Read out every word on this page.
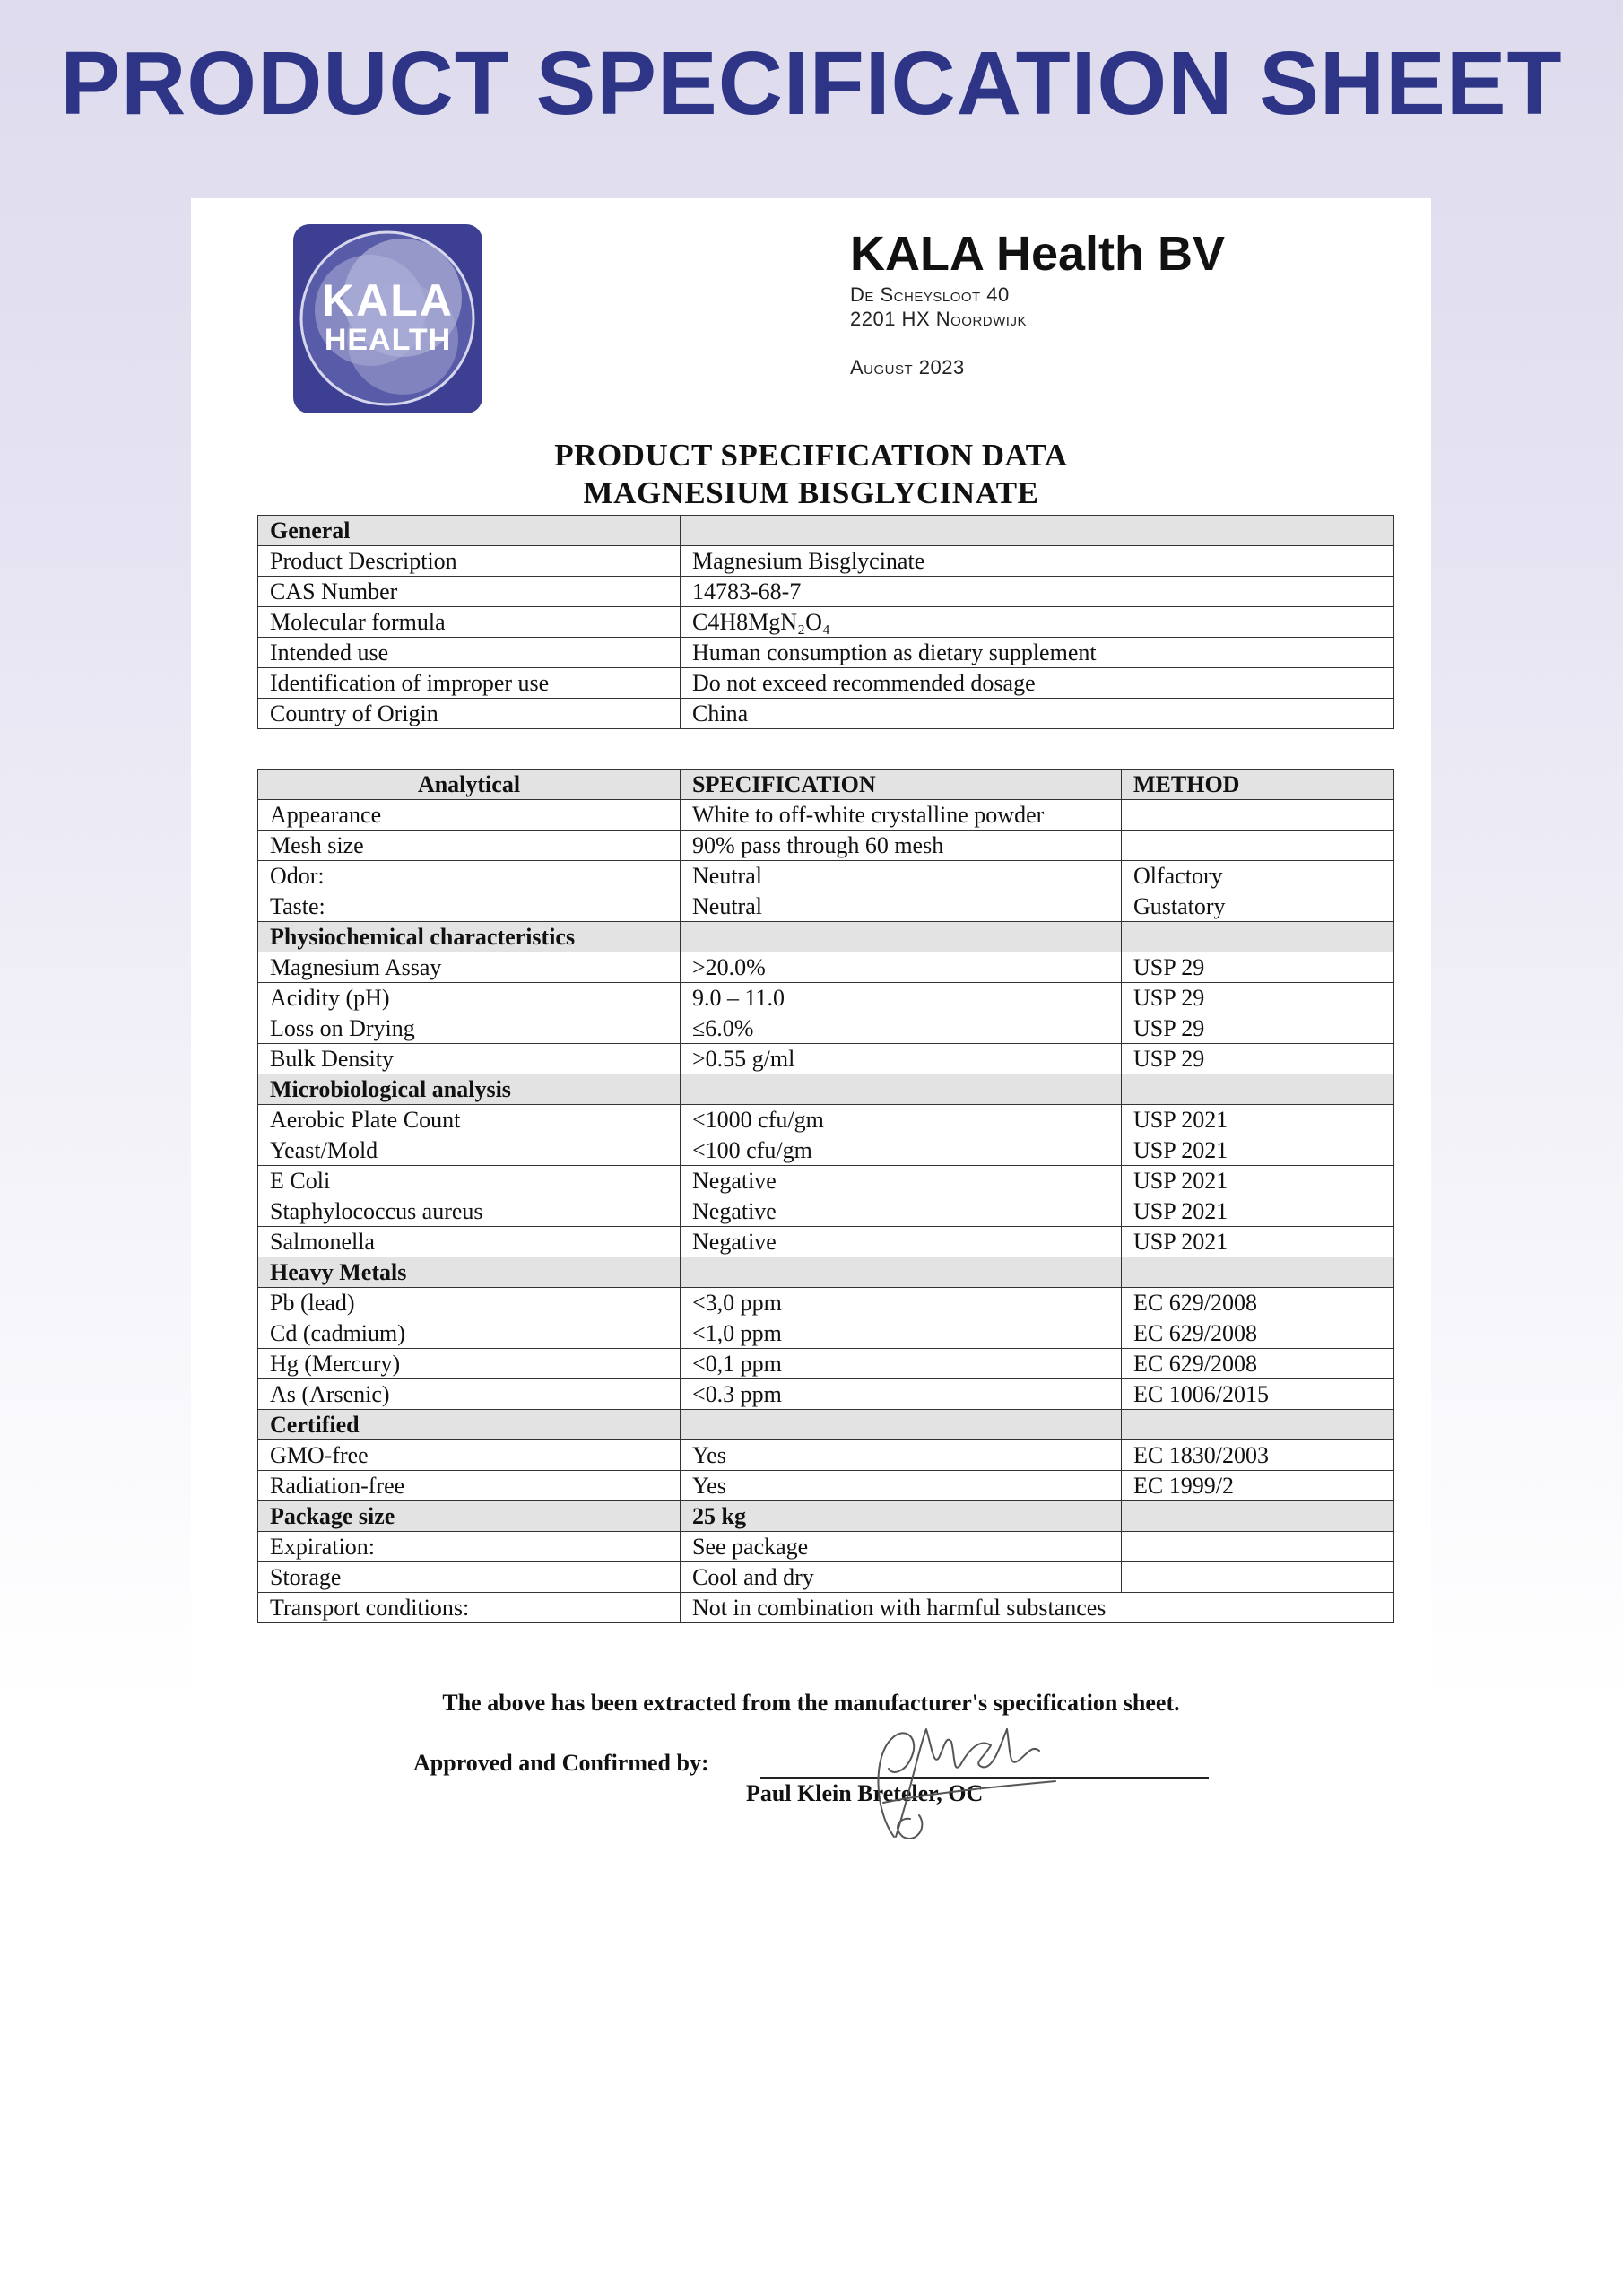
PRODUCT SPECIFICATION SHEET
KALA
HEALTH
KALA Health BV
De Scheysloot 40
2201 HX Noordwijk
August 2023
PRODUCT SPECIFICATION DATA
MAGNESIUM BISGLYCINATE
General	
Product Description	Magnesium Bisglycinate
CAS Number	14783-68-7
Molecular formula	C4H8MgN₂O₄
Intended use	Human consumption as dietary supplement
Identification of improper use	Do not exceed recommended dosage
Country of Origin	China
Analytical	SPECIFICATION	METHOD
Appearance	White to off-white crystalline powder	
Mesh size	90% pass through 60 mesh	
Odor:	Neutral	Olfactory
Taste:	Neutral	Gustatory
Physiochemical characteristics		
Magnesium Assay	>20.0%	USP 29
Acidity (pH)	9.0 – 11.0	USP 29
Loss on Drying	≤6.0%	USP 29
Bulk Density	>0.55 g/ml	USP 29
Microbiological analysis		
Aerobic Plate Count	<1000 cfu/gm	USP 2021
Yeast/Mold	<100 cfu/gm	USP 2021
E Coli	Negative	USP 2021
Staphylococcus aureus	Negative	USP 2021
Salmonella	Negative	USP 2021
Heavy Metals		
Pb (lead)	<3,0 ppm	EC 629/2008
Cd (cadmium)	<1,0 ppm	EC 629/2008
Hg (Mercury)	<0,1 ppm	EC 629/2008
As (Arsenic)	<0.3 ppm	EC 1006/2015
Certified		
GMO-free	Yes	EC 1830/2003
Radiation-free	Yes	EC 1999/2
Package size	25 kg	
Expiration:	See package	
Storage	Cool and dry	
Transport conditions:	Not in combination with harmful substances	
The above has been extracted from the manufacturer's specification sheet.
Approved and Confirmed by:
Paul Klein Breteler, OC
